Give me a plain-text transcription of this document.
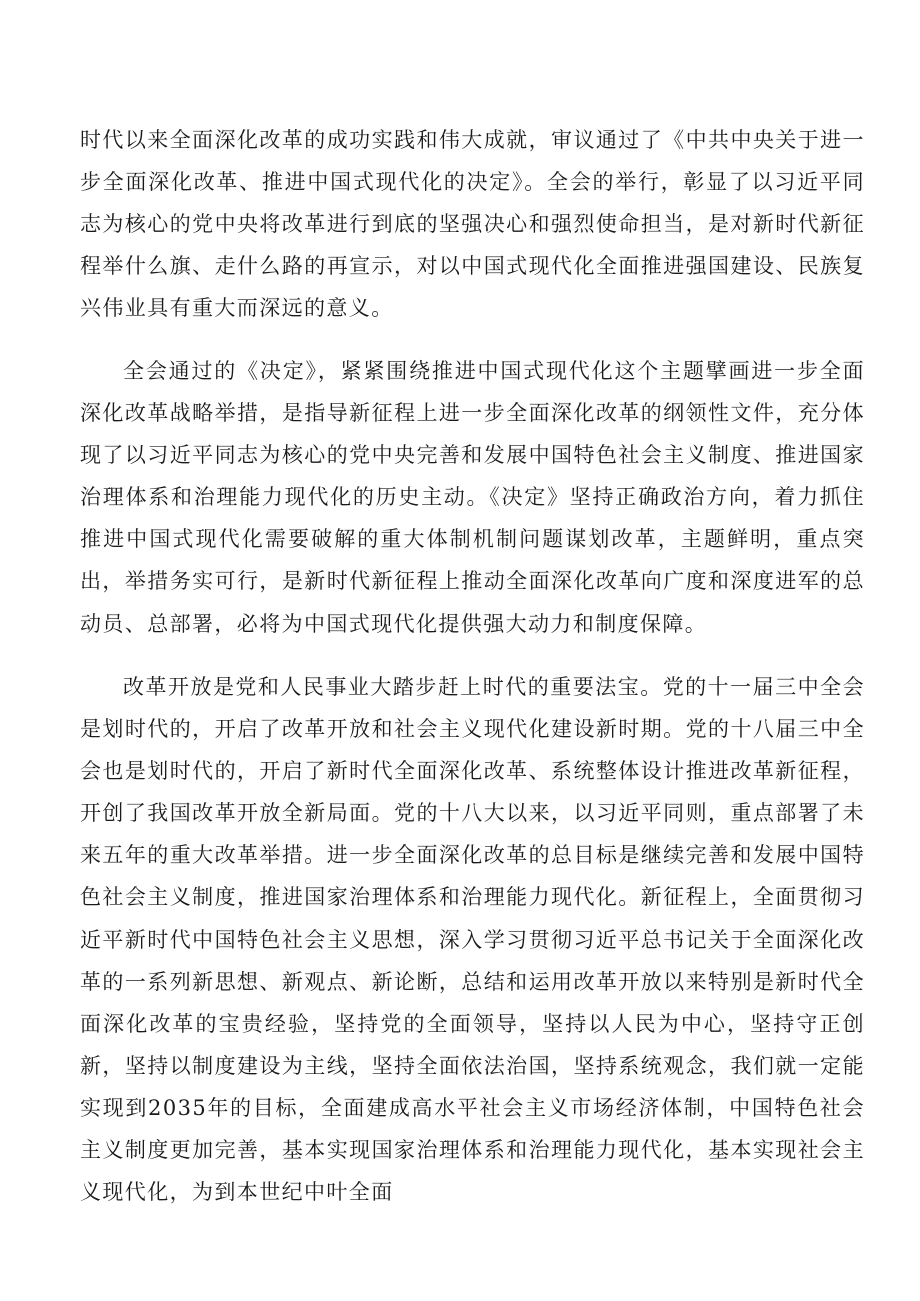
时代以来全面深化改革的成功实践和伟大成就，审议通过了《中共中央关于进一步全面深化改革、推进中国式现代化的决定》。全会的举行，彰显了以习近平同志为核心的党中央将改革进行到底的坚强决心和强烈使命担当，是对新时代新征程举什么旗、走什么路的再宣示，对以中国式现代化全面推进强国建设、民族复兴伟业具有重大而深远的意义。

全会通过的《决定》，紧紧围绕推进中国式现代化这个主题擘画进一步全面深化改革战略举措，是指导新征程上进一步全面深化改革的纲领性文件，充分体现了以习近平同志为核心的党中央完善和发展中国特色社会主义制度、推进国家治理体系和治理能力现代化的历史主动。《决定》坚持正确政治方向，着力抓住推进中国式现代化需要破解的重大体制机制问题谋划改革，主题鲜明，重点突出，举措务实可行，是新时代新征程上推动全面深化改革向广度和深度进军的总动员、总部署，必将为中国式现代化提供强大动力和制度保障。

改革开放是党和人民事业大踏步赶上时代的重要法宝。党的十一届三中全会是划时代的，开启了改革开放和社会主义现代化建设新时期。党的十八届三中全会也是划时代的，开启了新时代全面深化改革、系统整体设计推进改革新征程，开创了我国改革开放全新局面。党的十八大以来，以习近平同则，重点部署了未来五年的重大改革举措。进一步全面深化改革的总目标是继续完善和发展中国特色社会主义制度，推进国家治理体系和治理能力现代化。新征程上，全面贯彻习近平新时代中国特色社会主义思想，深入学习贯彻习近平总书记关于全面深化改革的一系列新思想、新观点、新论断，总结和运用改革开放以来特别是新时代全面深化改革的宝贵经验，坚持党的全面领导，坚持以人民为中心，坚持守正创新，坚持以制度建设为主线，坚持全面依法治国，坚持系统观念，我们就一定能实现到2035年的目标，全面建成高水平社会主义市场经济体制，中国特色社会主义制度更加完善，基本实现国家治理体系和治理能力现代化，基本实现社会主义现代化，为到本世纪中叶全面
